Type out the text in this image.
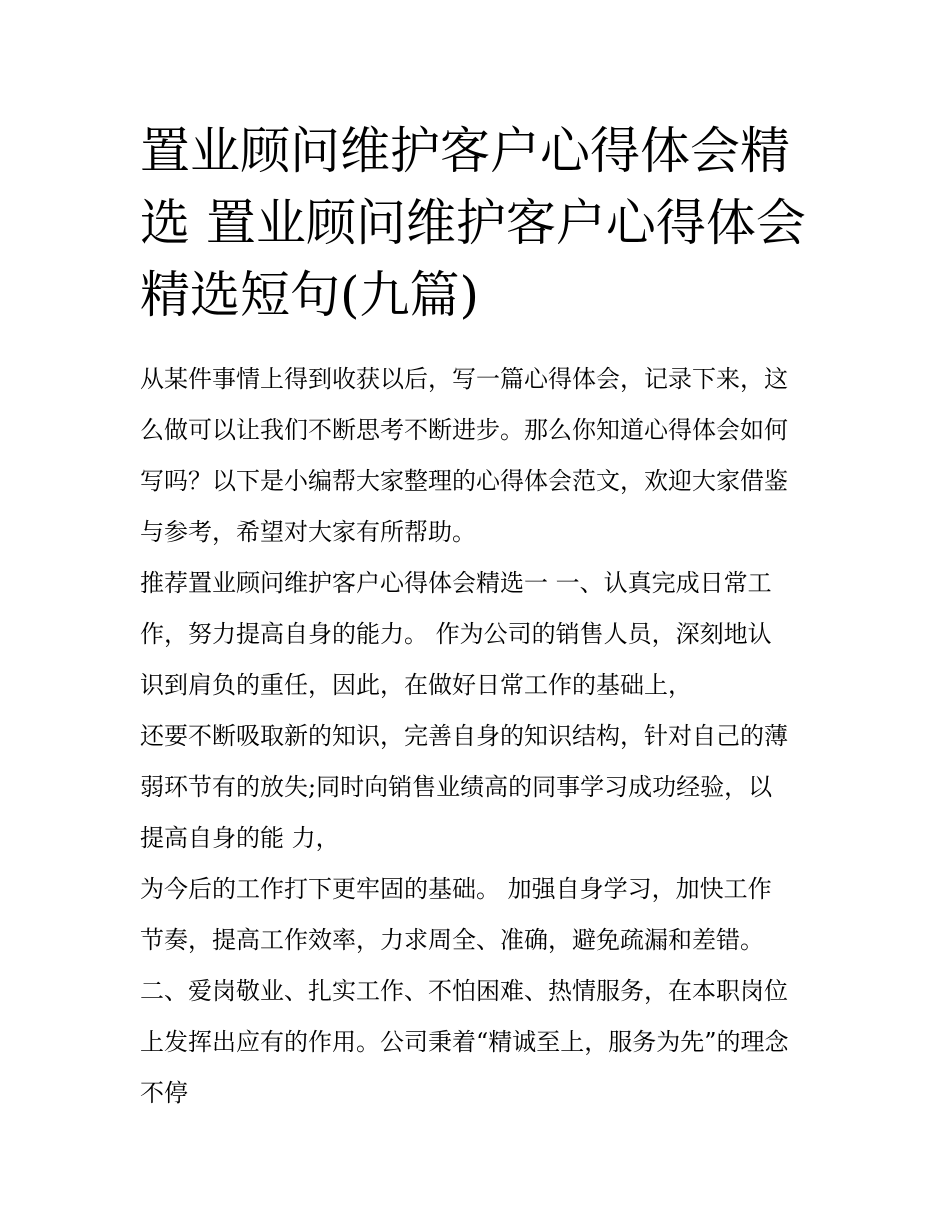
置业顾问维护客户心得体会精
选 置业顾问维护客户心得体会
精选短句(九篇)
从某件事情上得到收获以后，写一篇心得体会，记录下来，这
么做可以让我们不断思考不断进步。那么你知道心得体会如何
写吗？以下是小编帮大家整理的心得体会范文，欢迎大家借鉴
与参考，希望对大家有所帮助。
推荐置业顾问维护客户心得体会精选一 一、认真完成日常工
作，努力提高自身的能力。 作为公司的销售人员，深刻地认
识到肩负的重任，因此，在做好日常工作的基础上，
还要不断吸取新的知识，完善自身的知识结构，针对自己的薄
弱环节有的放失;同时向销售业绩高的同事学习成功经验，以
提高自身的能 力，
为今后的工作打下更牢固的基础。 加强自身学习，加快工作
节奏，提高工作效率，力求周全、准确，避免疏漏和差错。
二、爱岗敬业、扎实工作、不怕困难、热情服务，在本职岗位
上发挥出应有的作用。公司秉着“精诚至上，服务为先”的理念
不停
